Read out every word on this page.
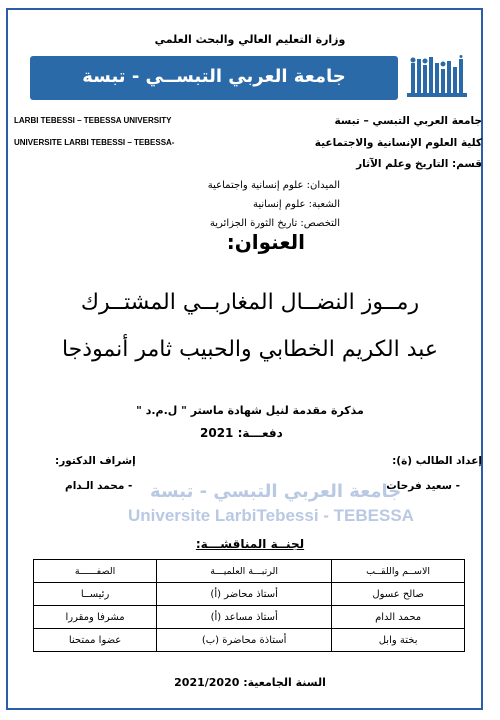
وزارة التعليم العالي والبحث العلمي
جامعة العربي التبســي - تبسة
LARBI TEBESSI – TEBESSA UNIVERSITY
UNIVERSITE LARBI TEBESSI – TEBESSA-
جامعة العربي التبسي – تبسة
كلية العلوم الإنسانية والاجتماعية
قسم: التاريخ وعلم الآثار
الميدان: علوم إنسانية واجتماعية
الشعبة: علوم إنسانية
التخصص: تاريخ الثورة الجزائرية
العنوان:
رمــوز النضــال المغاربــي المشتــرك
عبد الكريم الخطابي والحبيب ثامر أنموذجا
مذكرة مقدمة لنيل شهادة ماستر " ل.م.د "
دفعـــة: 2021
إعداد الطالب (ة):
إشراف الدكتور:
- سعيد فرحات
- محمد الـدام جامعة العربي التبسي - تبسة
Universite LarbiTebessi - TEBESSA
لجنــة المناقشـــة:
الاســم واللقــب	الرتبـــة العلميـــة	الصفــــــة
صالح عسول	أستاذ محاضر (أ)	رئيســا
محمد الدام	أستاذ مساعد (أ)	مشرفا ومقررا
بختة وابل	أستاذة محاضرة (ب)	عضوا ممتحنا
السنة الجامعية: 2021/2020
